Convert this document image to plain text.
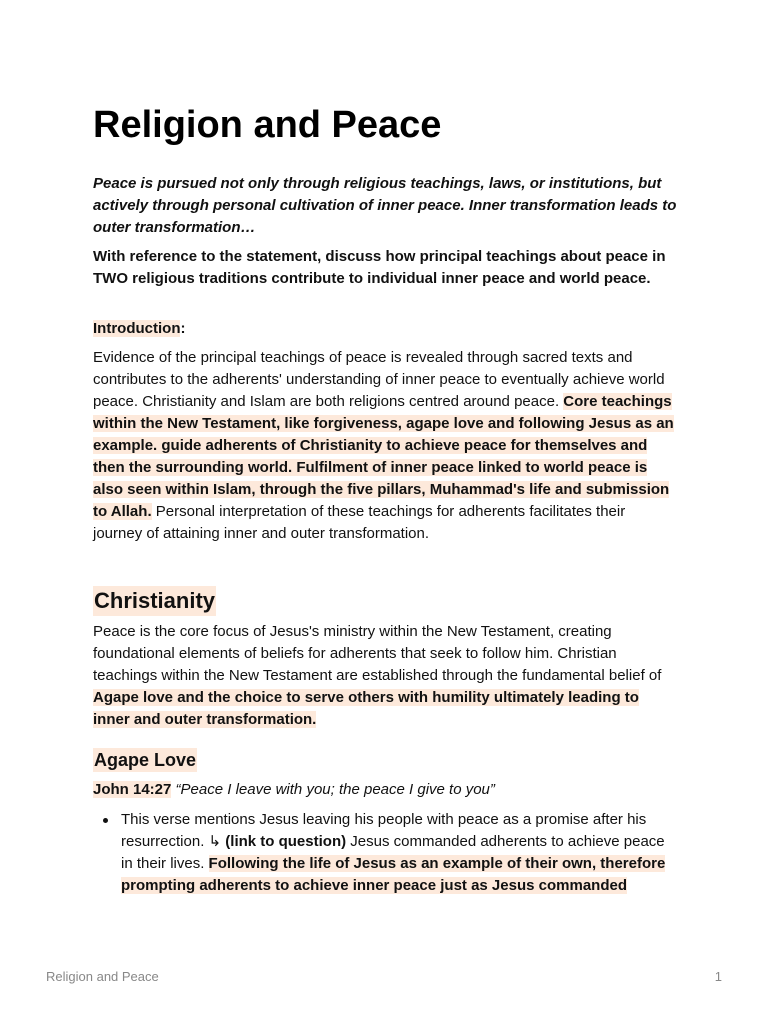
Religion and Peace

Peace is pursued not only through religious teachings, laws, or institutions, but actively through personal cultivation of inner peace. Inner transformation leads to outer transformation…

With reference to the statement, discuss how principal teachings about peace in TWO religious traditions contribute to individual inner peace and world peace.

Introduction:

Evidence of the principal teachings of peace is revealed through sacred texts and contributes to the adherents' understanding of inner peace to eventually achieve world peace. Christianity and Islam are both religions centred around peace. Core teachings within the New Testament, like forgiveness, agape love and following Jesus as an example. guide adherents of Christianity to achieve peace for themselves and then the surrounding world. Fulfilment of inner peace linked to world peace is also seen within Islam, through the five pillars, Muhammad's life and submission to Allah. Personal interpretation of these teachings for adherents facilitates their journey of attaining inner and outer transformation.

Christianity

Peace is the core focus of Jesus's ministry within the New Testament, creating foundational elements of beliefs for adherents that seek to follow him. Christian teachings within the New Testament are established through the fundamental belief of Agape love and the choice to serve others with humility ultimately leading to inner and outer transformation.

Agape Love

John 14:27 “Peace I leave with you; the peace I give to you”

This verse mentions Jesus leaving his people with peace as a promise after his resurrection. ↳ (link to question) Jesus commanded adherents to achieve peace in their lives. Following the life of Jesus as an example of their own, therefore prompting adherents to achieve inner peace just as Jesus commanded
Religion and Peace	1
